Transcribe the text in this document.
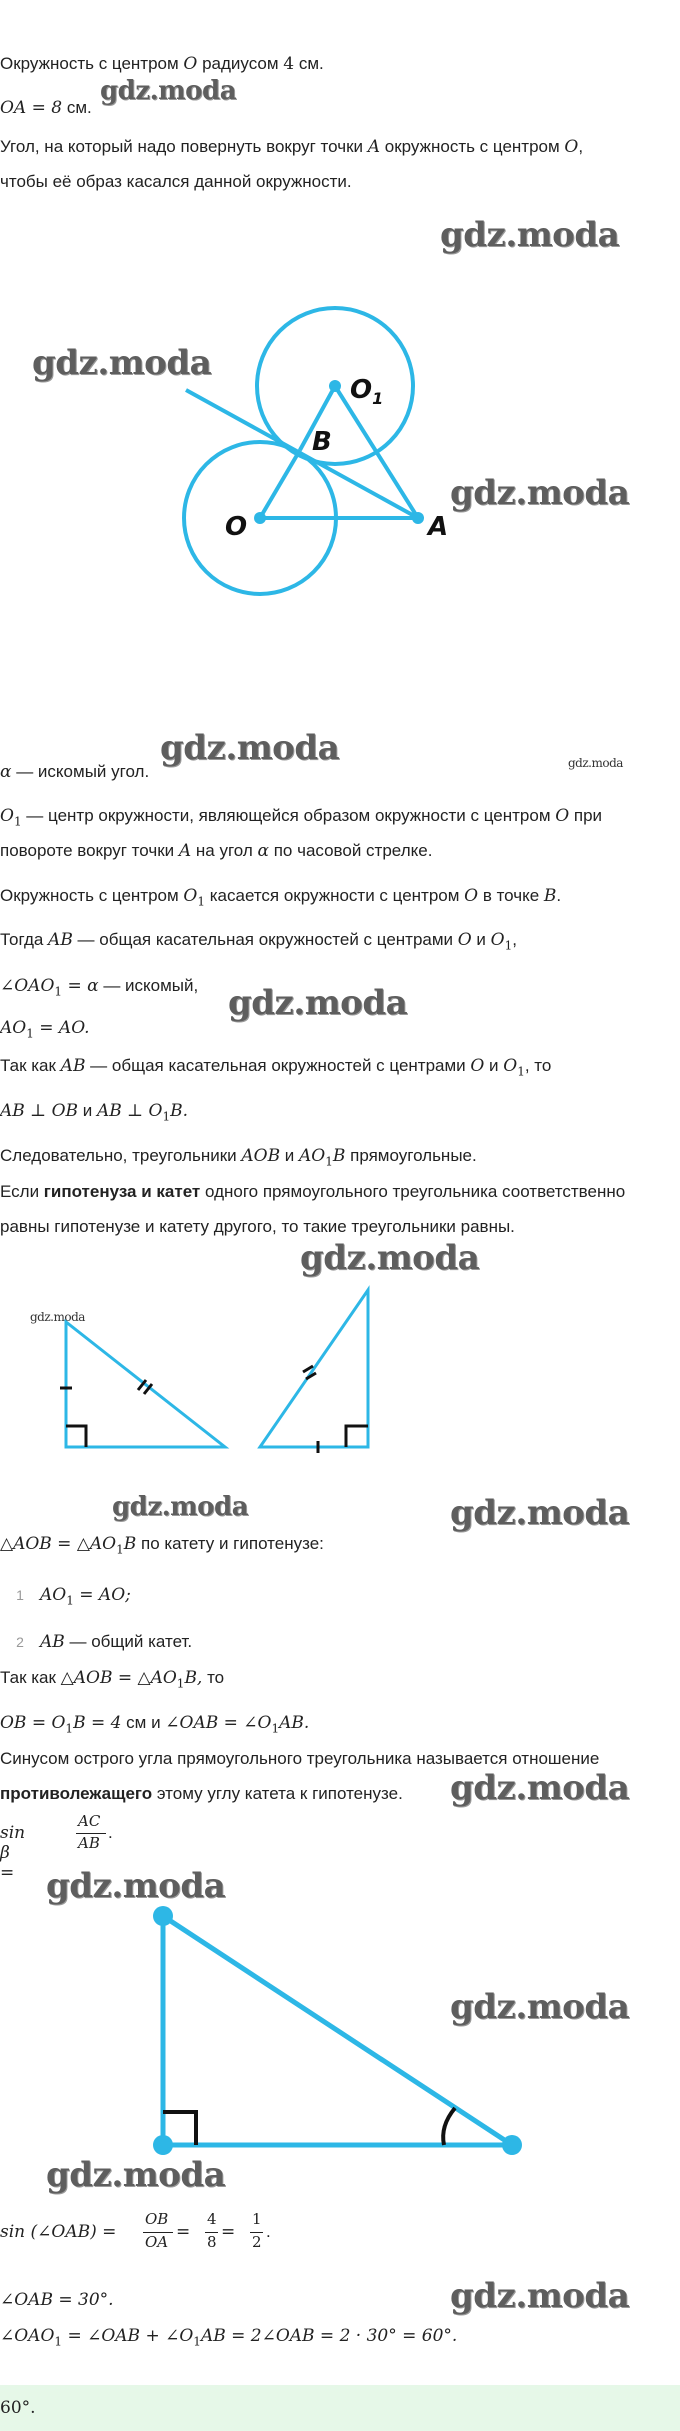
Окружность с центром O радиусом 4 см.
OA = 8 см.
gdz.moda
Угол, на который надо повернуть вокруг точки A окружность с центром O,
чтобы её образ касался данной окружности.
gdz.moda
gdz.moda
gdz.moda
O
$O_1$
B
A
gdz.moda	gdz.moda
α — искомый угол.
$O_1$ — центр окружности, являющейся образом окружности с центром O при
повороте вокруг точки A на угол α по часовой стрелке.
Окружность с центром $O_1$ касается окружности с центром O в точке B.
Тогда AB — общая касательная окружностей с центрами O и $O_1$,
$\angle OAO_1 = \alpha$ — искомый, gdz.moda
$AO_1$ = AO.
Так как AB — общая касательная окружностей с центрами O и $O_1$, то
AB ⊥ OB и AB ⊥ $O_1B$.
Следовательно, треугольники AOB и $AO_1B$ прямоугольные.
Если гипотенуза и катет одного прямоугольного треугольника соответственно
равны гипотенузе и катету другого, то такие треугольники равны.
gdz.moda
gdz.moda
gdz.moda	gdz.moda
△AOB = $\triangle AO_1B$ по катету и гипотенузе:
1 $AO_1$ = AO;
2 AB — общий катет.
Так как △AOB = $\triangle AO_1B$, то
OB = $O_1B = 4$ см и ∠OAB = $\angle O_1AB$.
Синусом острого угла прямоугольного треугольника называется отношение
противолежащего этому углу катета к гипотенузе. gdz.moda
sin β =
AC
AB
.
gdz.moda
gdz.moda
gdz.moda
sin (∠OAB) =
OB
OA =
4
8 =
1
2
.
∠OAB = 30°.	gdz.moda
$\angle OAO_1$ = ∠OAB + $\angle O_1AB$ = 2∠OAB = 2 · 30° = 60°.
60°.
